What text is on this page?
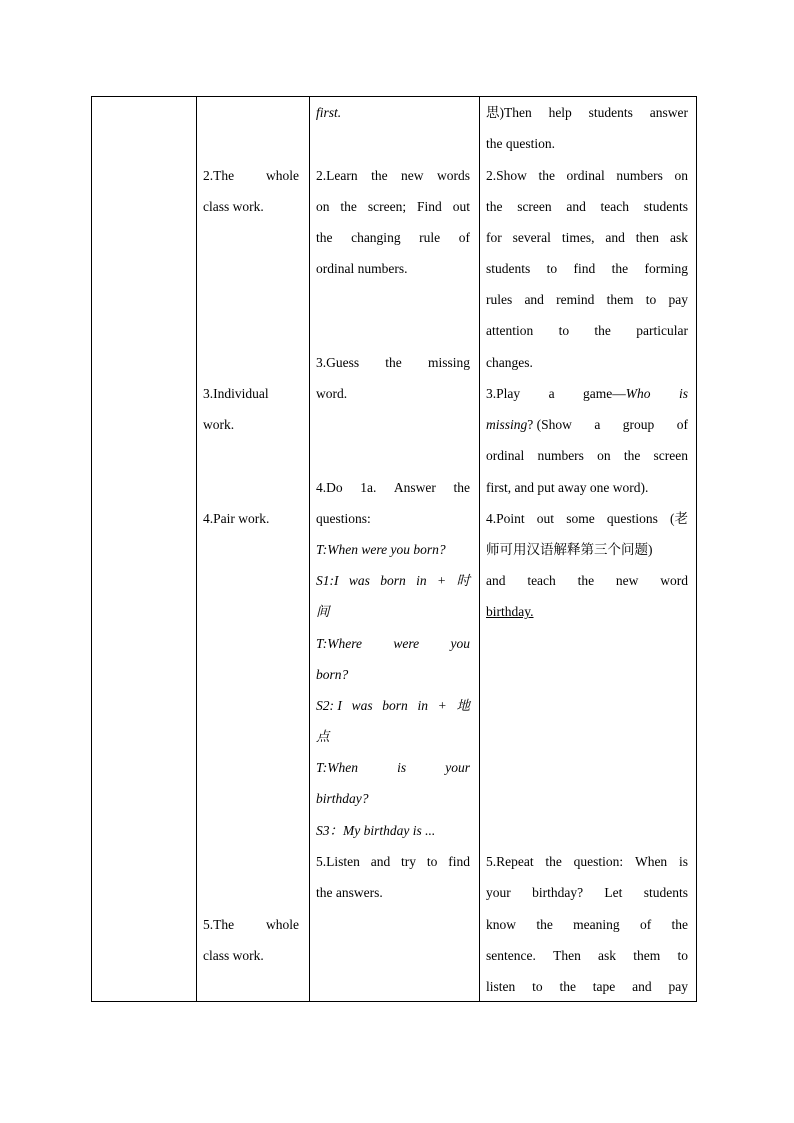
2.The whole
class work.
3.Individual
work.
4.Pair work.
5.The whole
class work.
first.
2.Learn the new words
on the screen; Find out
the changing rule of
ordinal numbers.
3.Guess the missing
word.
4.Do 1a. Answer the
questions:
T:When were you born?
S1:I was born in + 时
间
T:Where were you
born?
S2: I was born in + 地
点
T:When	is	your
birthday?
S3：My birthday is ...
5.Listen and try to find
the answers.
思)Then help students answer
the question.
2.Show the ordinal numbers on
the screen and teach students
for several times, and then ask
students to find the forming
rules and remind them to pay
attention to the particular
changes.
3.Play a game—Who is
missing? (Show a group of
ordinal numbers on the screen
first, and put away one word).
4.Point out some questions (老
师可用汉语解释第三个问题)
and teach the new word
birthday.
5.Repeat the question: When is
your birthday? Let students
know the meaning of the
sentence. Then ask them to
listen to the tape and pay
